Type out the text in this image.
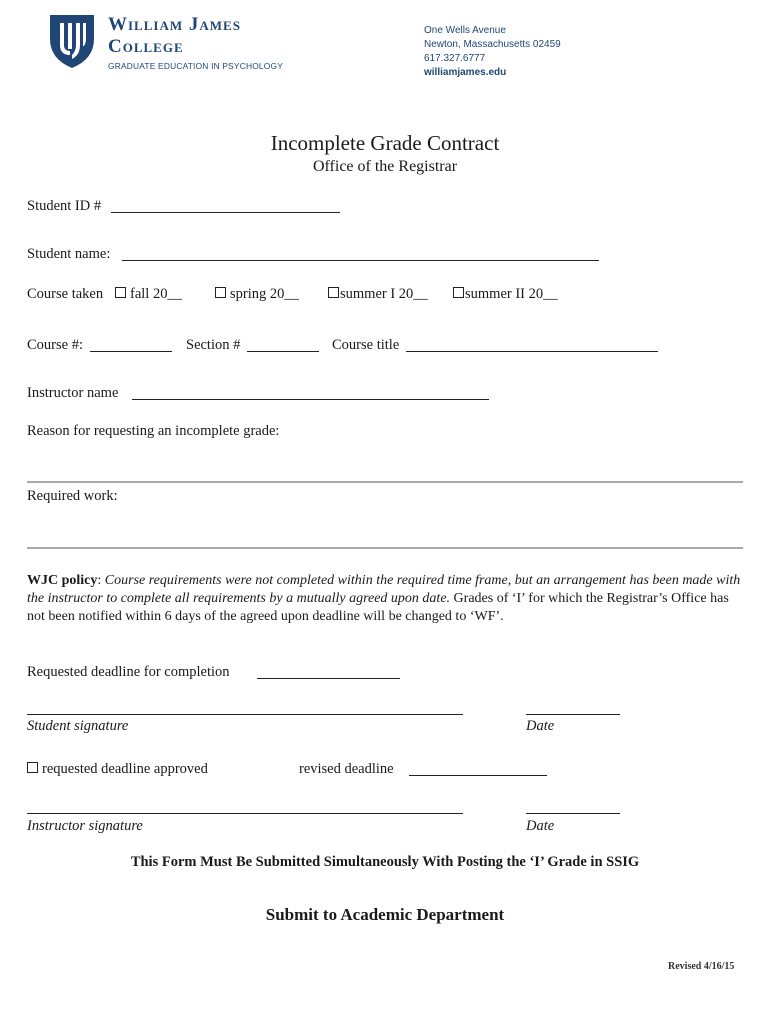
William James
College
GRADUATE EDUCATION IN PSYCHOLOGY
One Wells Avenue
Newton, Massachusetts 02459
617.327.6777
williamjames.edu
Incomplete Grade Contract
Office of the Registrar
Student ID #
Student name:
Course taken	fall 20__	spring 20__	summer I 20__	summer II 20__
Course #:	Section #	Course title
Instructor name
Reason for requesting an incomplete grade:
Required work:
WJC policy: Course requirements were not completed within the required time frame, but an arrangement has been made with the instructor to complete all requirements by a mutually agreed upon date. Grades of ‘I’ for which the Registrar’s Office has not been notified within 6 days of the agreed upon deadline will be changed to ‘WF’.
Requested deadline for completion
Student signature	Date
requested deadline approved	revised deadline
Instructor signature	Date
This Form Must Be Submitted Simultaneously With Posting the ‘I’ Grade in SSIG
Submit to Academic Department
Revised 4/16/15
